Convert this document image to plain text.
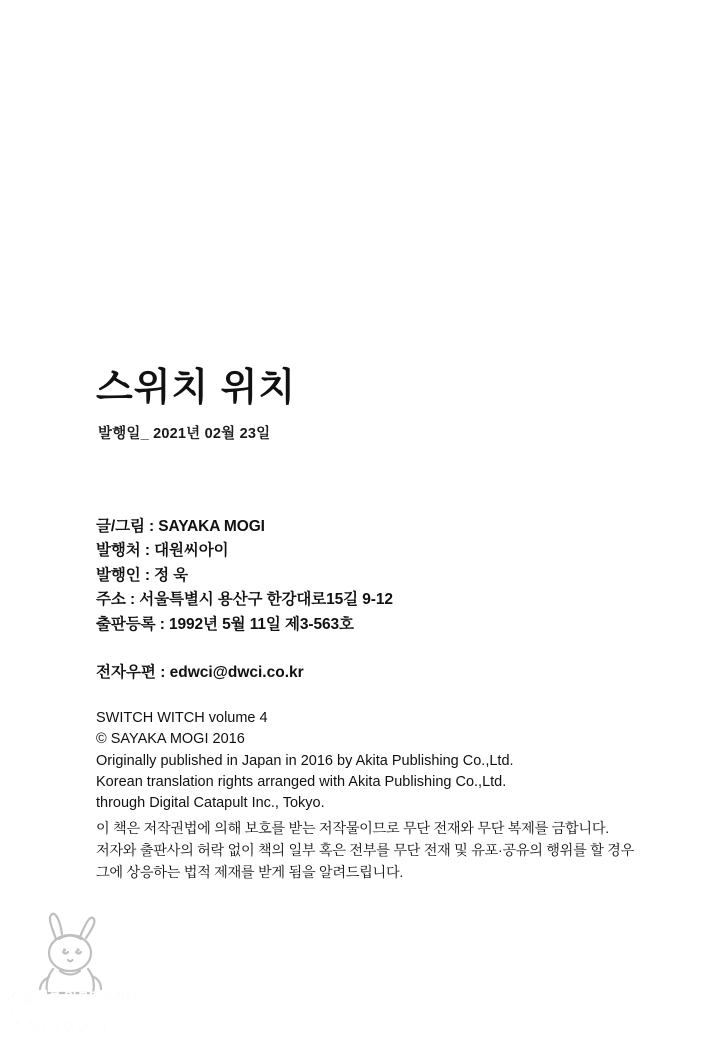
스위치 위치
발행일_ 2021년 02월 23일
글/그림 : SAYAKA MOGI
발행처 : 대원씨아이
발행인 : 정 욱
주소 : 서울특별시 용산구 한강대로15길 9-12
출판등록 : 1992년 5월 11일 제3-563호
전자우편 : edwci@dwci.co.kr
SWITCH WITCH volume 4
© SAYAKA MOGI 2016
Originally published in Japan in 2016 by Akita Publishing Co.,Ltd.
Korean translation rights arranged with Akita Publishing Co.,Ltd.
through Digital Catapult Inc., Tokyo.
이 책은 저작권법에 의해 보호를 받는 저작물이므로 무단 전재와 무단 복제를 금합니다.
저자와 출판사의 허락 없이 책의 일부 혹은 전부를 무단 전재 및 유포·공유의 행위를 할 경우
그에 상응하는 법적 제재를 받게 됨을 알려드립니다.
가장 빠른 일본만화사이트
구글검색마나토끼
